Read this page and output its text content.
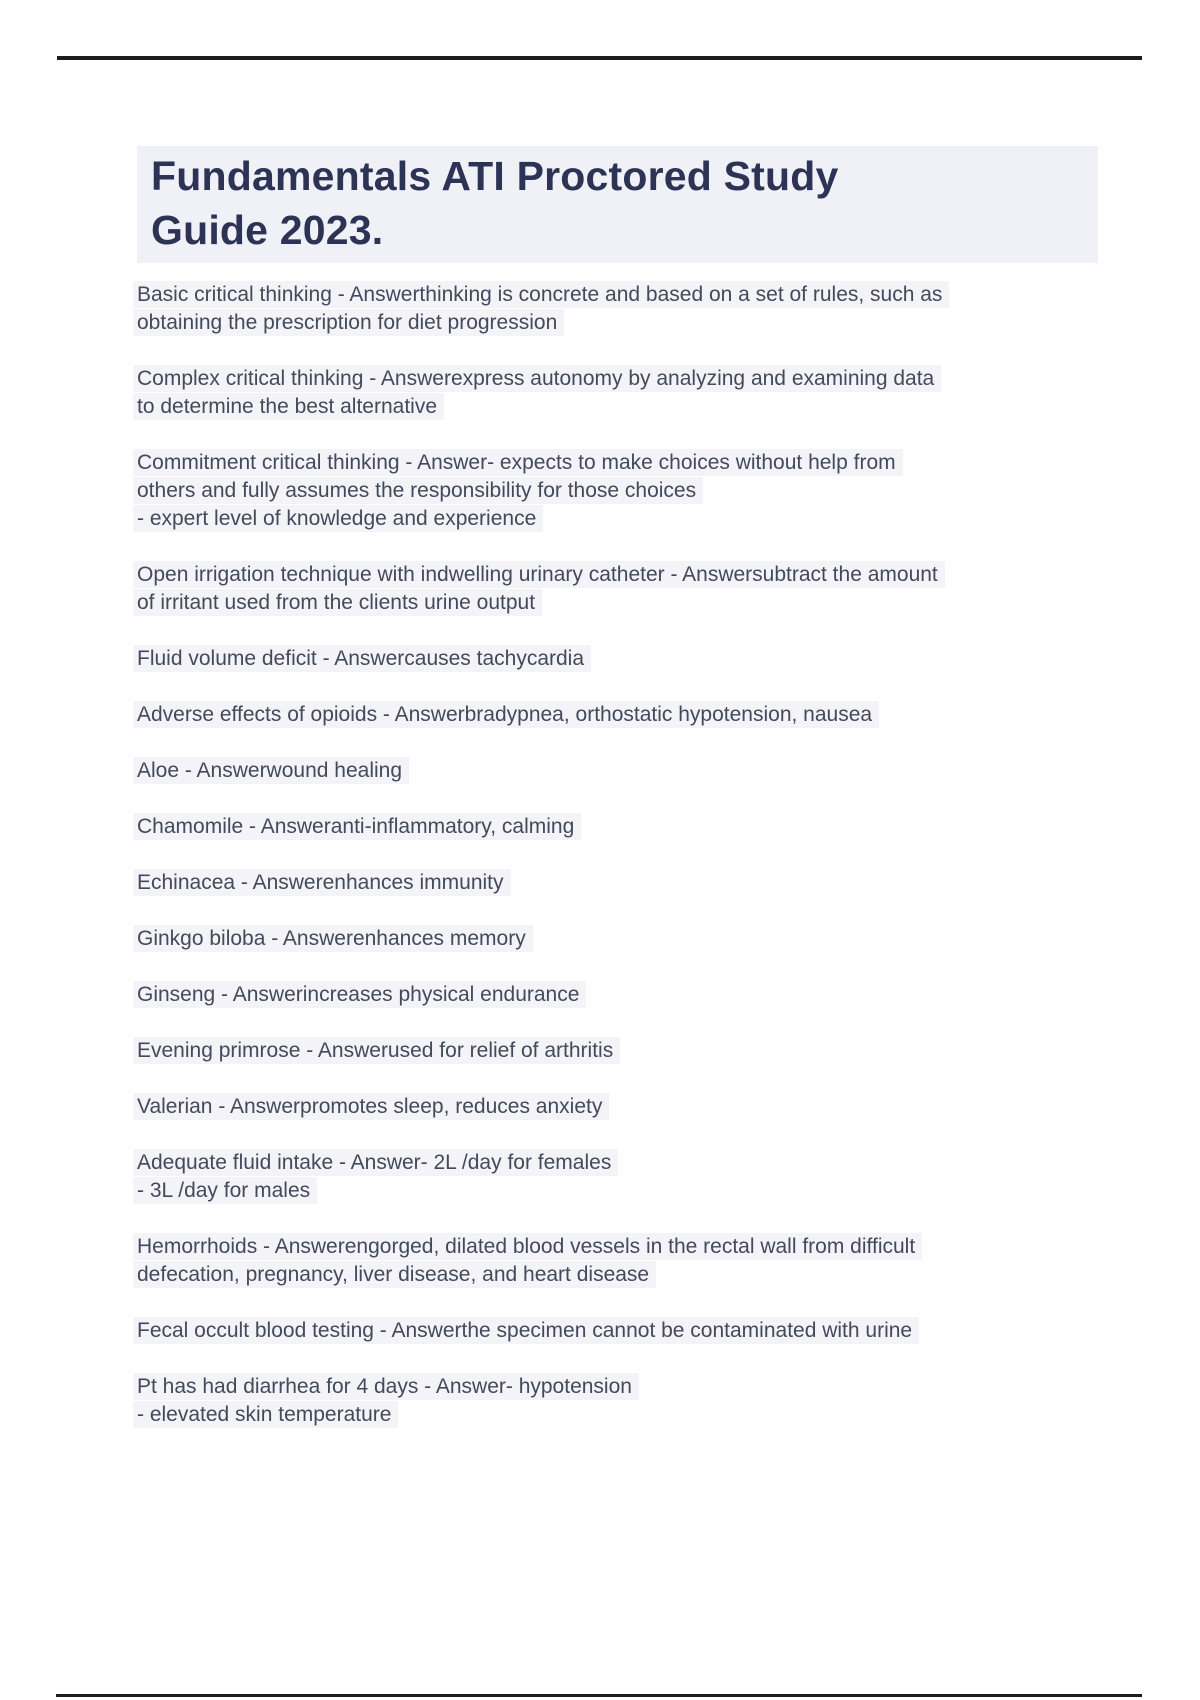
Fundamentals ATI Proctored Study
Guide 2023.

Basic critical thinking - Answerthinking is concrete and based on a set of rules, such as
obtaining the prescription for diet progression

Complex critical thinking - Answerexpress autonomy by analyzing and examining data
to determine the best alternative

Commitment critical thinking - Answer- expects to make choices without help from
others and fully assumes the responsibility for those choices
- expert level of knowledge and experience

Open irrigation technique with indwelling urinary catheter - Answersubtract the amount
of irritant used from the clients urine output

Fluid volume deficit - Answercauses tachycardia

Adverse effects of opioids - Answerbradypnea, orthostatic hypotension, nausea

Aloe - Answerwound healing

Chamomile - Answeranti-inflammatory, calming

Echinacea - Answerenhances immunity

Ginkgo biloba - Answerenhances memory

Ginseng - Answerincreases physical endurance

Evening primrose - Answerused for relief of arthritis

Valerian - Answerpromotes sleep, reduces anxiety

Adequate fluid intake - Answer- 2L /day for females
- 3L /day for males

Hemorrhoids - Answerengorged, dilated blood vessels in the rectal wall from difficult
defecation, pregnancy, liver disease, and heart disease

Fecal occult blood testing - Answerthe specimen cannot be contaminated with urine

Pt has had diarrhea for 4 days - Answer- hypotension
- elevated skin temperature
